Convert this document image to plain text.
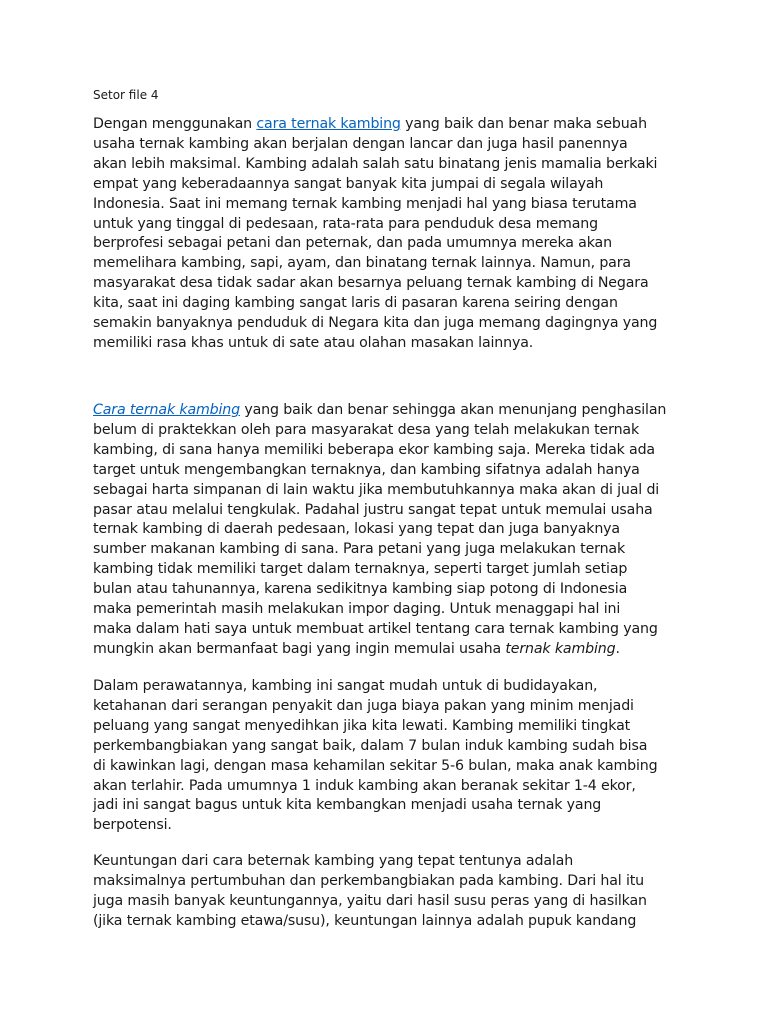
Setor file 4

Dengan menggunakan cara ternak kambing yang baik dan benar maka sebuah
usaha ternak kambing akan berjalan dengan lancar dan juga hasil panennya
akan lebih maksimal. Kambing adalah salah satu binatang jenis mamalia berkaki
empat yang keberadaannya sangat banyak kita jumpai di segala wilayah
Indonesia. Saat ini memang ternak kambing menjadi hal yang biasa terutama
untuk yang tinggal di pedesaan, rata-rata para penduduk desa memang
berprofesi sebagai petani dan peternak, dan pada umumnya mereka akan
memelihara kambing, sapi, ayam, dan binatang ternak lainnya. Namun, para
masyarakat desa tidak sadar akan besarnya peluang ternak kambing di Negara
kita, saat ini daging kambing sangat laris di pasaran karena seiring dengan
semakin banyaknya penduduk di Negara kita dan juga memang dagingnya yang
memiliki rasa khas untuk di sate atau olahan masakan lainnya.

Cara ternak kambing yang baik dan benar sehingga akan menunjang penghasilan
belum di praktekkan oleh para masyarakat desa yang telah melakukan ternak
kambing, di sana hanya memiliki beberapa ekor kambing saja. Mereka tidak ada
target untuk mengembangkan ternaknya, dan kambing sifatnya adalah hanya
sebagai harta simpanan di lain waktu jika membutuhkannya maka akan di jual di
pasar atau melalui tengkulak. Padahal justru sangat tepat untuk memulai usaha
ternak kambing di daerah pedesaan, lokasi yang tepat dan juga banyaknya
sumber makanan kambing di sana. Para petani yang juga melakukan ternak
kambing tidak memiliki target dalam ternaknya, seperti target jumlah setiap
bulan atau tahunannya, karena sedikitnya kambing siap potong di Indonesia
maka pemerintah masih melakukan impor daging. Untuk menaggapi hal ini
maka dalam hati saya untuk membuat artikel tentang cara ternak kambing yang
mungkin akan bermanfaat bagi yang ingin memulai usaha ternak kambing.

Dalam perawatannya, kambing ini sangat mudah untuk di budidayakan,
ketahanan dari serangan penyakit dan juga biaya pakan yang minim menjadi
peluang yang sangat menyedihkan jika kita lewati. Kambing memiliki tingkat
perkembangbiakan yang sangat baik, dalam 7 bulan induk kambing sudah bisa
di kawinkan lagi, dengan masa kehamilan sekitar 5-6 bulan, maka anak kambing
akan terlahir. Pada umumnya 1 induk kambing akan beranak sekitar 1-4 ekor,
jadi ini sangat bagus untuk kita kembangkan menjadi usaha ternak yang
berpotensi.

Keuntungan dari cara beternak kambing yang tepat tentunya adalah
maksimalnya pertumbuhan dan perkembangbiakan pada kambing. Dari hal itu
juga masih banyak keuntungannya, yaitu dari hasil susu peras yang di hasilkan
(jika ternak kambing etawa/susu), keuntungan lainnya adalah pupuk kandang
